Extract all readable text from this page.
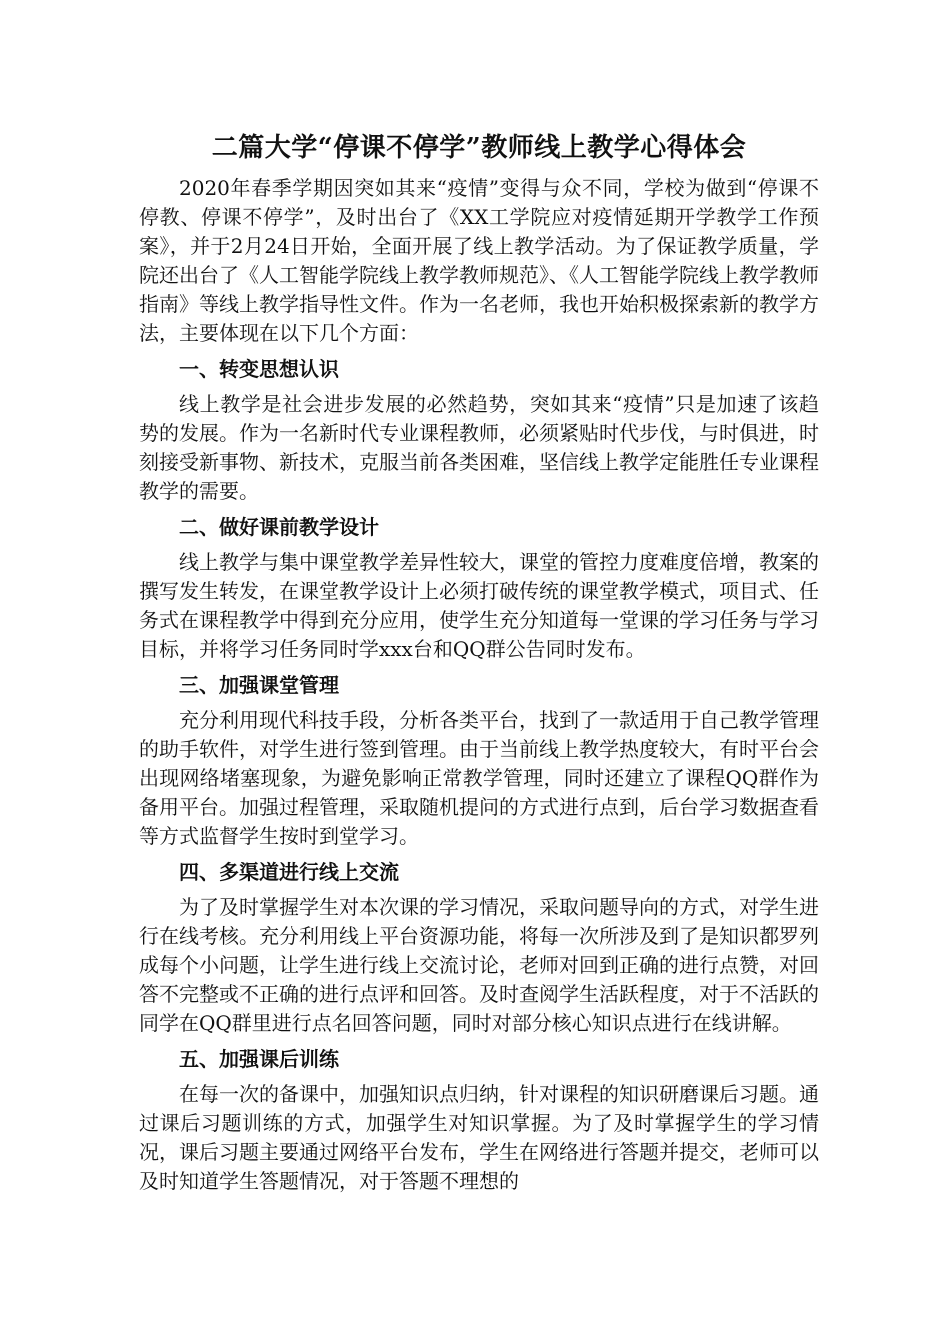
二篇大学“停课不停学”教师线上教学心得体会

2020年春季学期因突如其来“疫情”变得与众不同，学校为做到“停课不停教、停课不停学”，及时出台了《XX工学院应对疫情延期开学教学工作预案》，并于2月24日开始，全面开展了线上教学活动。为了保证教学质量，学院还出台了《人工智能学院线上教学教师规范》、《人工智能学院线上教学教师指南》等线上教学指导性文件。作为一名老师，我也开始积极探索新的教学方法，主要体现在以下几个方面：

一、转变思想认识

线上教学是社会进步发展的必然趋势，突如其来“疫情”只是加速了该趋势的发展。作为一名新时代专业课程教师，必须紧贴时代步伐，与时俱进，时刻接受新事物、新技术，克服当前各类困难，坚信线上教学定能胜任专业课程教学的需要。

二、做好课前教学设计

线上教学与集中课堂教学差异性较大，课堂的管控力度难度倍增，教案的撰写发生转发，在课堂教学设计上必须打破传统的课堂教学模式，项目式、任务式在课程教学中得到充分应用，使学生充分知道每一堂课的学习任务与学习目标，并将学习任务同时学xxx台和QQ群公告同时发布。

三、加强课堂管理

充分利用现代科技手段，分析各类平台，找到了一款适用于自己教学管理的助手软件，对学生进行签到管理。由于当前线上教学热度较大，有时平台会出现网络堵塞现象，为避免影响正常教学管理，同时还建立了课程QQ群作为备用平台。加强过程管理，采取随机提问的方式进行点到，后台学习数据查看等方式监督学生按时到堂学习。

四、多渠道进行线上交流

为了及时掌握学生对本次课的学习情况，采取问题导向的方式，对学生进行在线考核。充分利用线上平台资源功能，将每一次所涉及到了是知识都罗列成每个小问题，让学生进行线上交流讨论，老师对回到正确的进行点赞，对回答不完整或不正确的进行点评和回答。及时查阅学生活跃程度，对于不活跃的同学在QQ群里进行点名回答问题，同时对部分核心知识点进行在线讲解。

五、加强课后训练

在每一次的备课中，加强知识点归纳，针对课程的知识研磨课后习题。通过课后习题训练的方式，加强学生对知识掌握。为了及时掌握学生的学习情况，课后习题主要通过网络平台发布，学生在网络进行答题并提交，老师可以及时知道学生答题情况，对于答题不理想的
